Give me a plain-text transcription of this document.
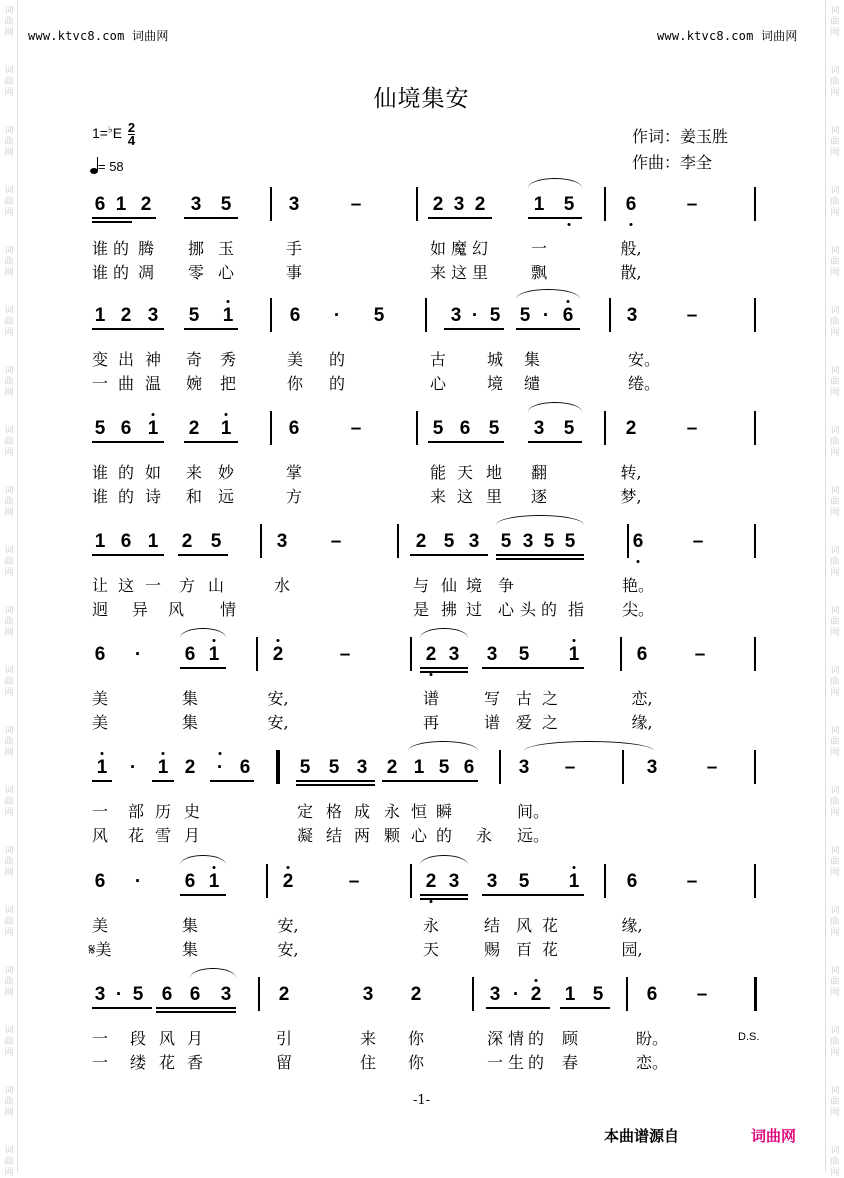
词
曲
网
词
曲
网
词
曲
网
词
曲
网
词
曲
网
词
曲
网
词
曲
网
词
曲
网
词
曲
网
词
曲
网
词
曲
网
词
曲
网
词
曲
网
词
曲
网
词
曲
网
词
曲
网
词
曲
网
词
曲
网
词
曲
网
词
曲
网
词
曲
网
词
曲
网
词
曲
网
词
曲
网
词
曲
网
词
曲
网
词
曲
网
词
曲
网
词
曲
网
词
曲
网
词
曲
网
词
曲
网
词
曲
网
词
曲
网
词
曲
网
词
曲
网
词
曲
网
词
曲
网
词
曲
网
词
曲
网
www.ktvc8.com 词曲网	www.ktvc8.com 词曲网
仙境集安
$1=^♭E \frac{2}{4}$
= 58
作词：姜玉胜
作曲：李全
6 1 2 3 5	3	–	2 3 2	1 5	6	–
谁 的 腾 挪 玉	手	如 魔 幻	一	般,
谁 的 凋 零 心	事	来 这 里	飘	散,
1 2 3 5 1	6 · 5	3 · 5 5 · 6	3	–
变 出 神 奇 秀	美 的	古	城 集	安。
一 曲 温 婉 把	你 的	心	境 缱	绻。
5 6 1 2 1	6	–	5 6 5 3 5	2	–
谁 的 如 来 妙	掌	能 天 地 翻	转,
谁 的 诗 和 远	方	来 这 里 逐	梦,
1 6 1 2 5	3 –	2 5 3 5 3 5 5	6	–
让 这 一 方 山	水	与 仙 境 争	艳。
迥 异 风 情	是 拂 过 心 头 的 指 尖。
6 · 6 1	2	–	2 3 3 5 1	6 –
美	集	安,	谱	写 古 之	恋,
美	集	安,	再	谱 爱 之	缘,
1 · 1 2 · 6	5 5 3 2 1 5 6 3 –	3	–
一 部 历 史	定 格 成 永 恒 瞬	间。
风 花 雪 月	凝 结 两 颗 心 的 永 远。
6 · 6 1	2	–	2 3 3 5 1 6	–
美	集	安,	永	结 风 花	缘,
𝄋美	集	安,	天	赐 百 花	园,
3 · 5 6 6 3 2	3 2	3 · 2 1 5 6 –
一 段 风 月	引	来 你	深 情 的 顾	盼。
一 缕 花 香	留	住 你	一 生 的 春	恋。
D.S.
-1-
本曲谱源自	词曲网
